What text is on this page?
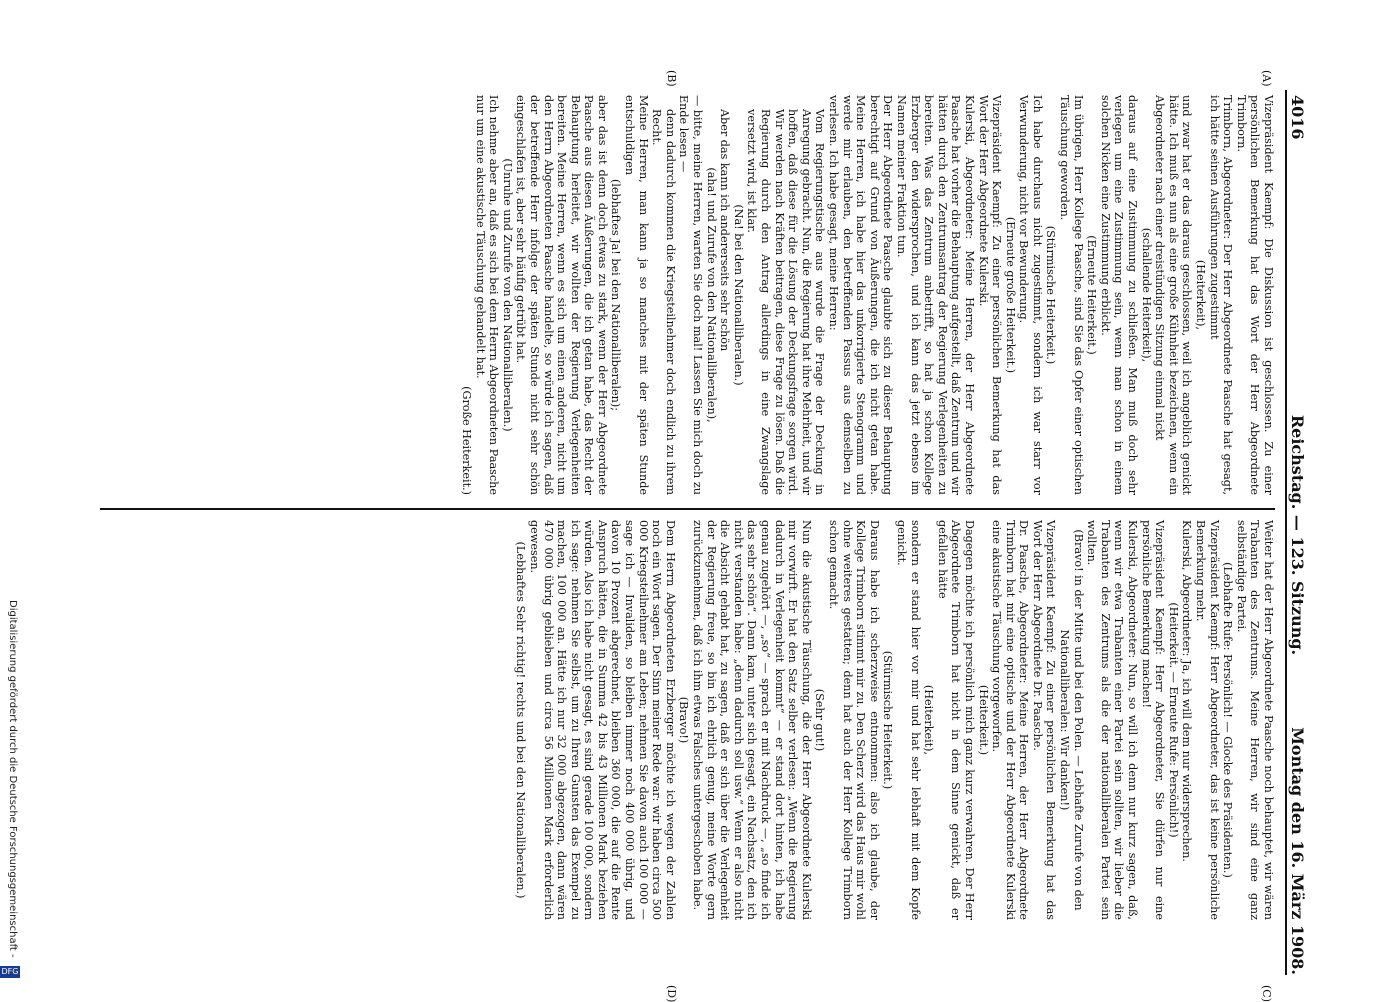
4016
Reichstag. — 123. Sitzung.
Montag den 16. März 1908.
(A)
(B)
(C)
(D)

Vizepräsident Kaempf: Die Diskussion ist geschlossen. Zu einer persönlichen Bemerkung hat das Wort der Herr Abgeordnete Trimborn.

Trimborn, Abgeordneter: Der Herr Abgeordnete Paasche hat gesagt, ich hätte seinen Ausführungen zugestimmt

(Heiterkeit),

und zwar hat er das daraus geschlossen, weil ich angeblich genickt hätte. Ich muß es nun als eine große Kühnheit bezeichnen, wenn ein Abgeordneter nach einer dreistündigen Sitzung einmal nickt

(schallende Heiterkeit),

daraus auf eine Zustimmung zu schließen. Man muß doch sehr verlegen um eine Zustimmung sein, wenn man schon in einem solchen Nicken eine Zustimmung erblickt.

(Erneute Heiterkeit.)

Im übrigen, Herr Kollege Paasche, sind Sie das Opfer einer optischen Täuschung geworden.

(Stürmische Heiterkeit.)

Ich habe durchaus nicht zugestimmt, sondern ich war starr vor Verwunderung, nicht vor Bewunderung.

(Erneute große Heiterkeit.)

Vizepräsident Kaempf: Zu einer persönlichen Bemerkung hat das Wort der Herr Abgeordnete Kulerski.

Kulerski, Abgeordneter: Meine Herren, der Herr Abgeordnete Paasche hat vorher die Behauptung aufgestellt, daß Zentrum und wir hätten durch den Zentrumsantrag der Regierung Verlegenheiten zu bereiten. Was das Zentrum anbetrifft, so hat ja schon Kollege Erzberger den widersprochen, und ich kann das jetzt ebenso im Namen meiner Fraktion tun.

Der Herr Abgeordnete Paasche glaubte sich zu dieser Behauptung berechtigt auf Grund von Äußerungen, die ich nicht getan habe. Meine Herren, ich habe hier das unkorrigierte Stenogramm und werde mir erlauben, den betreffenden Passus aus demselben zu verlesen. Ich habe gesagt, meine Herren:

Vom Regierungstische aus wurde die Frage der Deckung in Anregung gebracht. Nun, die Regierung hat ihre Mehrheit, und wir hoffen, daß diese für die Lösung der Deckungsfrage sorgen wird. Wir werden nach Kräften beitragen, diese Frage zu lösen. Daß die Regierung durch den Antrag allerdings in eine Zwangslage versetzt wird, ist klar.

(Na! bei den Nationalliberalen.)

Aber das kann ich andererseits sehr schön

(aha! und Zurufe von den Nationalliberalen),

— bitte, meine Herren, warten Sie doch mal! Lassen Sie mich doch zu Ende lesen —

denn dadurch kommen die Kriegsteilnehmer doch endlich zu ihrem Recht.

Meine Herren, man kann ja so manches mit der späten Stunde entschuldigen

(lebhaftes Ja! bei den Nationalliberalen);

aber das ist denn doch etwas zu stark, wenn der Herr Abgeordnete Paasche aus diesen Äußerungen, die ich getan habe, das Recht der Behauptung herleitet, wir wollten der Regierung Verlegenheiten bereiten. Meine Herren, wenn es sich um einen anderen, nicht um den Herrn Abgeordneten Paasche handelte, so würde ich sagen, daß der betreffende Herr infolge der späten Stunde nicht sehr schön eingeschlafen ist, aber sehr häufig getrübt hat.

(Unruhe und Zurufe von den Nationalliberalen.)

Ich nehme aber an, daß es sich bei dem Herrn Abgeordneten Paasche nur um eine akustische Täuschung gehandelt hat.

(Große Heiterkeit.)

Weiter hat der Herr Abgeordnete Paasche noch behauptet, wir wären Trabanten des Zentrums. Meine Herren, wir sind eine ganz selbständige Partei.

(Lebhafte Rufe: Persönlich! — Glocke des Präsidenten.)

Vizepräsident Kaempf: Herr Abgeordneter, das ist keine persönliche Bemerkung mehr.

Kulerski, Abgeordneter: Ja, ich will dem nur widersprechen.

(Heiterkeit. — Erneute Rufe: Persönlich!)

Vizepräsident Kaempf: Herr Abgeordneter, Sie dürfen nur eine persönliche Bemerkung machen!

Kulerski, Abgeordneter: Nun, so will ich denn nur kurz sagen, daß, wenn wir etwa Trabanten einer Partei sein sollten, wir lieber die Trabanten des Zentrums als die der nationalliberalen Partei sein wollten.

(Bravo! in der Mitte und bei den Polen. — Lebhafte Zurufe von den Nationalliberalen: Wir danken!)

Vizepräsident Kaempf: Zu einer persönlichen Bemerkung hat das Wort der Herr Abgeordnete Dr. Paasche.

Dr. Paasche, Abgeordneter: Meine Herren, der Herr Abgeordnete Trimborn hat mir eine optische und der Herr Abgeordnete Kulerski eine akustische Täuschung vorgeworfen.

(Heiterkeit.)

Dagegen möchte ich persönlich mich ganz kurz verwahren. Der Herr Abgeordnete Trimborn hat nicht in dem Sinne genickt, daß er gefallen hätte

(Heiterkeit),

sondern er stand hier vor mir und hat sehr lebhaft mit dem Kopfe genickt.

(Stürmische Heiterkeit.)

Daraus habe ich scherzweise entnommen: also ich glaube, der Kollege Trimborn stimmt mir zu. Den Scherz wird das Haus mir wohl ohne weiteres gestatten; denn hat auch der Herr Kollege Trimborn schon gemacht.

(Sehr gut!)

Nun die akustische Täuschung, die der Herr Abgeordnete Kulerski mir vorwirft. Er hat den Satz selber verlesen: „Wenn die Regierung dadurch in Verlegenheit kommt“ — er stand dort hinten, ich habe genau zugehört —, „so“ — sprach er mit Nachdruck —, „so finde ich das sehr schön“. Dann kam, unter sich gesagt, ein Nachsatz, den ich nicht verstanden habe: „denn dadurch soll usw.“ Wenn er also nicht die Absicht gehabt hat, zu sagen, daß er sich über die Verlegenheit der Regierung freue, so bin ich ehrlich genug, meine Worte gern zurückzunehmen, daß ich ihm etwas Falsches untergeschoben habe.

(Bravo!)

Dem Herrn Abgeordneten Erzberger möchte ich wegen der Zahlen noch ein Wort sagen. Der Sinn meiner Rede war: wir haben circa 500 000 Kriegsteilnehmer am Leben; nehmen Sie davon auch 100 000 — sage ich — Invaliden, so bleiben immer noch 400 000 übrig, und davon 10 Prozent abgerechnet, bleiben 360 000, die auf die Rente Anspruch hätten, die in Summa 42 bis 43 Millionen Mark beziehen würden. Also ich habe nicht gesagt, es sind gerade 100 000, sondern ich sage: nehmen Sie selbst, um zu Ihren Gunsten das Exempel zu machen, 100 000 an. Hätte ich nur 32 000 abgezogen, dann wären 470 000 übrig geblieben und circa 56 Millionen Mark erforderlich gewesen.

(Lebhaftes Sehr richtig! rechts und bei den Nationalliberalen.)

Digitalisierung gefördert durch die Deutsche Forschungsgemeinschaft -
DFG
